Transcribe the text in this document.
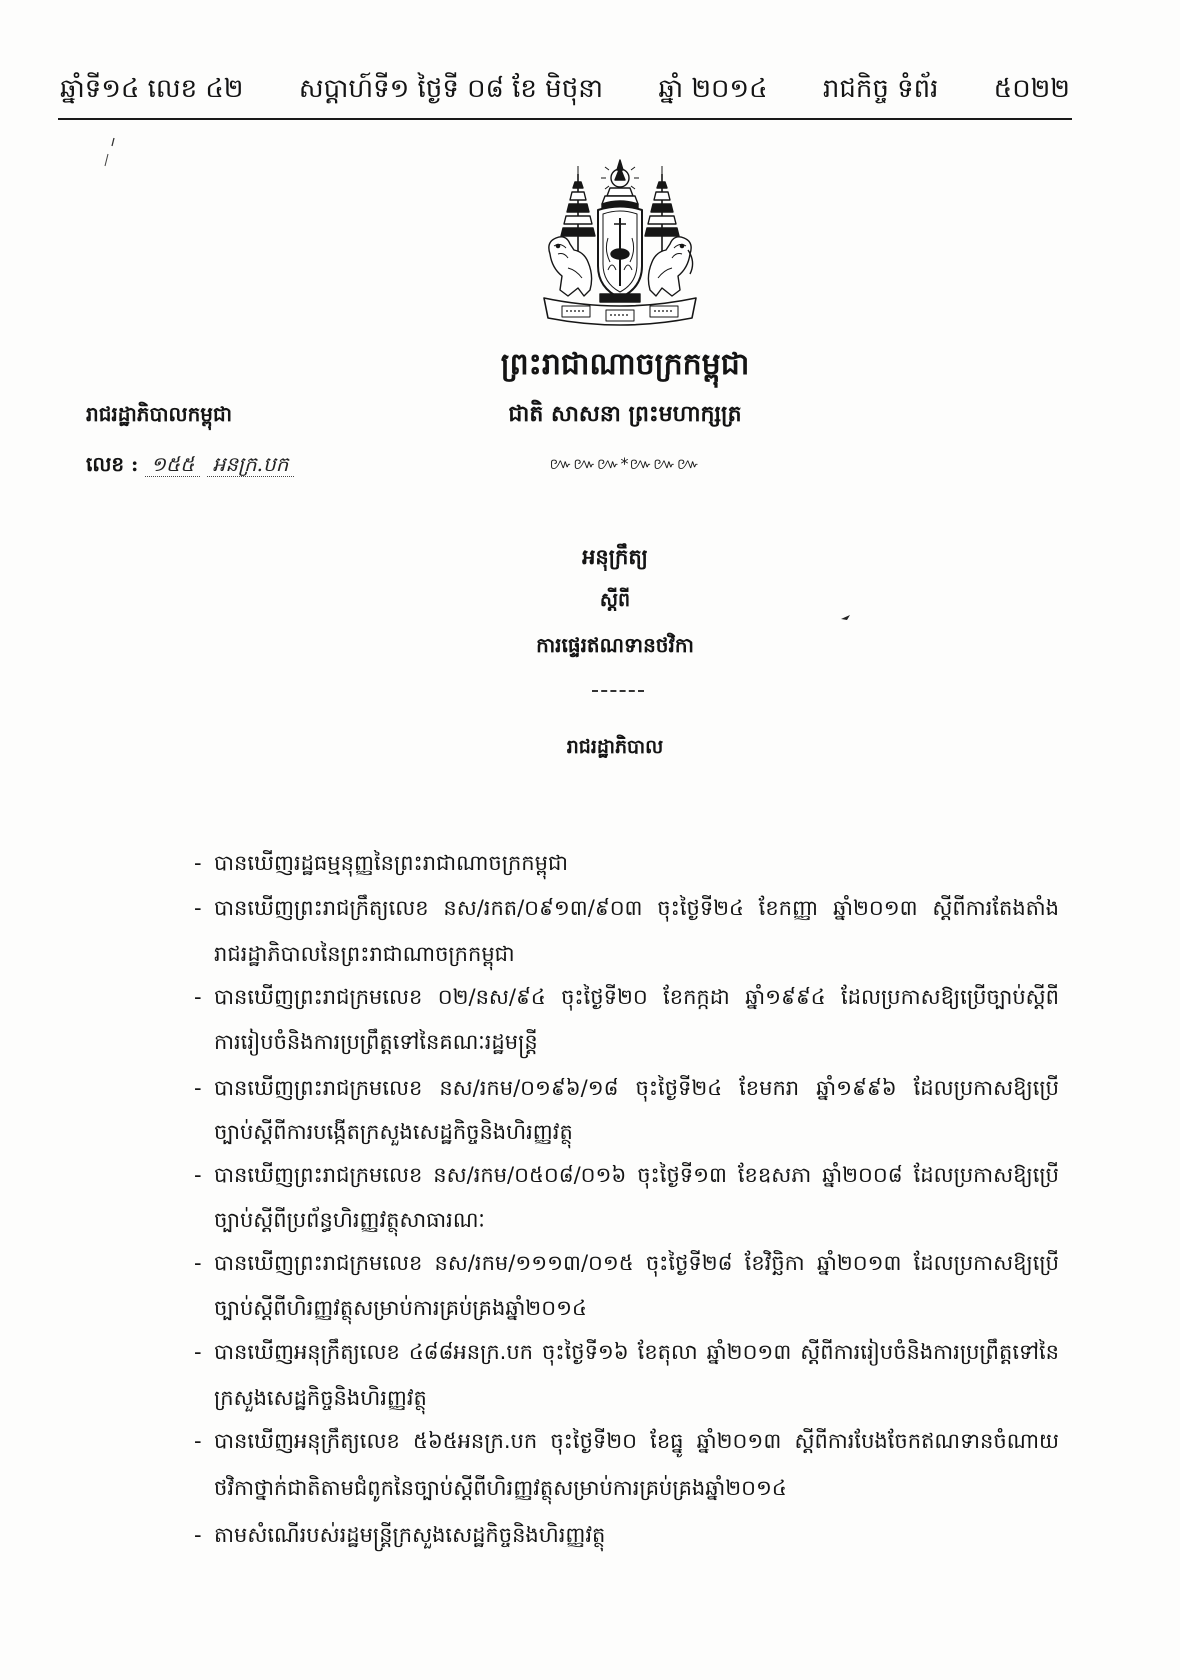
ឆ្នាំទី១៤ លេខ ៤២ សប្តាហ៍ទី១ ថ្ងៃទី ០៨ ខែ មិថុនា ឆ្នាំ ២០១៤ រាជកិច្ច ទំព័រ ៥០២២
ព្រះរាជាណាចក្រកម្ពុជា
ជាតិ សាសនា ព្រះមហាក្សត្រ
៚៚៚*៚៚៚
រាជរដ្ឋាភិបាលកម្ពុជា
លេខ : ១៥៥ អនក្រ.បក
អនុក្រឹត្យ
ស្តីពី
ការផ្ទេរឥណទានថវិកា
រាជរដ្ឋាភិបាល
- បានឃើញរដ្ឋធម្មនុញ្ញនៃព្រះរាជាណាចក្រកម្ពុជា
- បានឃើញព្រះរាជក្រឹត្យលេខ នស/រកត/០៩១៣/៩០៣ ចុះថ្ងៃទី២៤ ខែកញ្ញា ឆ្នាំ២០១៣ ស្តីពីការតែងតាំង
រាជរដ្ឋាភិបាលនៃព្រះរាជាណាចក្រកម្ពុជា
- បានឃើញព្រះរាជក្រមលេខ ០២/នស/៩៤ ចុះថ្ងៃទី២០ ខែកក្កដា ឆ្នាំ១៩៩៤ ដែលប្រកាសឱ្យប្រើច្បាប់ស្តីពី
ការរៀបចំនិងការប្រព្រឹត្តទៅនៃគណៈរដ្ឋមន្ត្រី
- បានឃើញព្រះរាជក្រមលេខ នស/រកម/០១៩៦/១៨ ចុះថ្ងៃទី២៤ ខែមករា ឆ្នាំ១៩៩៦ ដែលប្រកាសឱ្យប្រើ
ច្បាប់ស្តីពីការបង្កើតក្រសួងសេដ្ឋកិច្ចនិងហិរញ្ញវត្ថុ
- បានឃើញព្រះរាជក្រមលេខ នស/រកម/០៥០៨/០១៦ ចុះថ្ងៃទី១៣ ខែឧសភា ឆ្នាំ២០០៨ ដែលប្រកាសឱ្យប្រើ
ច្បាប់ស្តីពីប្រព័ន្ធហិរញ្ញវត្ថុសាធារណៈ
- បានឃើញព្រះរាជក្រមលេខ នស/រកម/១១១៣/០១៥ ចុះថ្ងៃទី២៨ ខែវិច្ឆិកា ឆ្នាំ២០១៣ ដែលប្រកាសឱ្យប្រើ
ច្បាប់ស្តីពីហិរញ្ញវត្ថុសម្រាប់ការគ្រប់គ្រងឆ្នាំ២០១៤
- បានឃើញអនុក្រឹត្យលេខ ៤៨៨អនក្រ.បក ចុះថ្ងៃទី១៦ ខែតុលា ឆ្នាំ២០១៣ ស្តីពីការរៀបចំនិងការប្រព្រឹត្តទៅនៃ
ក្រសួងសេដ្ឋកិច្ចនិងហិរញ្ញវត្ថុ
- បានឃើញអនុក្រឹត្យលេខ ៥៦៥អនក្រ.បក ចុះថ្ងៃទី២០ ខែធ្នូ ឆ្នាំ២០១៣ ស្តីពីការបែងចែកឥណទានចំណាយ
ថវិកាថ្នាក់ជាតិតាមជំពូកនៃច្បាប់ស្តីពីហិរញ្ញវត្ថុសម្រាប់ការគ្រប់គ្រងឆ្នាំ២០១៤
- តាមសំណើរបស់រដ្ឋមន្ត្រីក្រសួងសេដ្ឋកិច្ចនិងហិរញ្ញវត្ថុ
